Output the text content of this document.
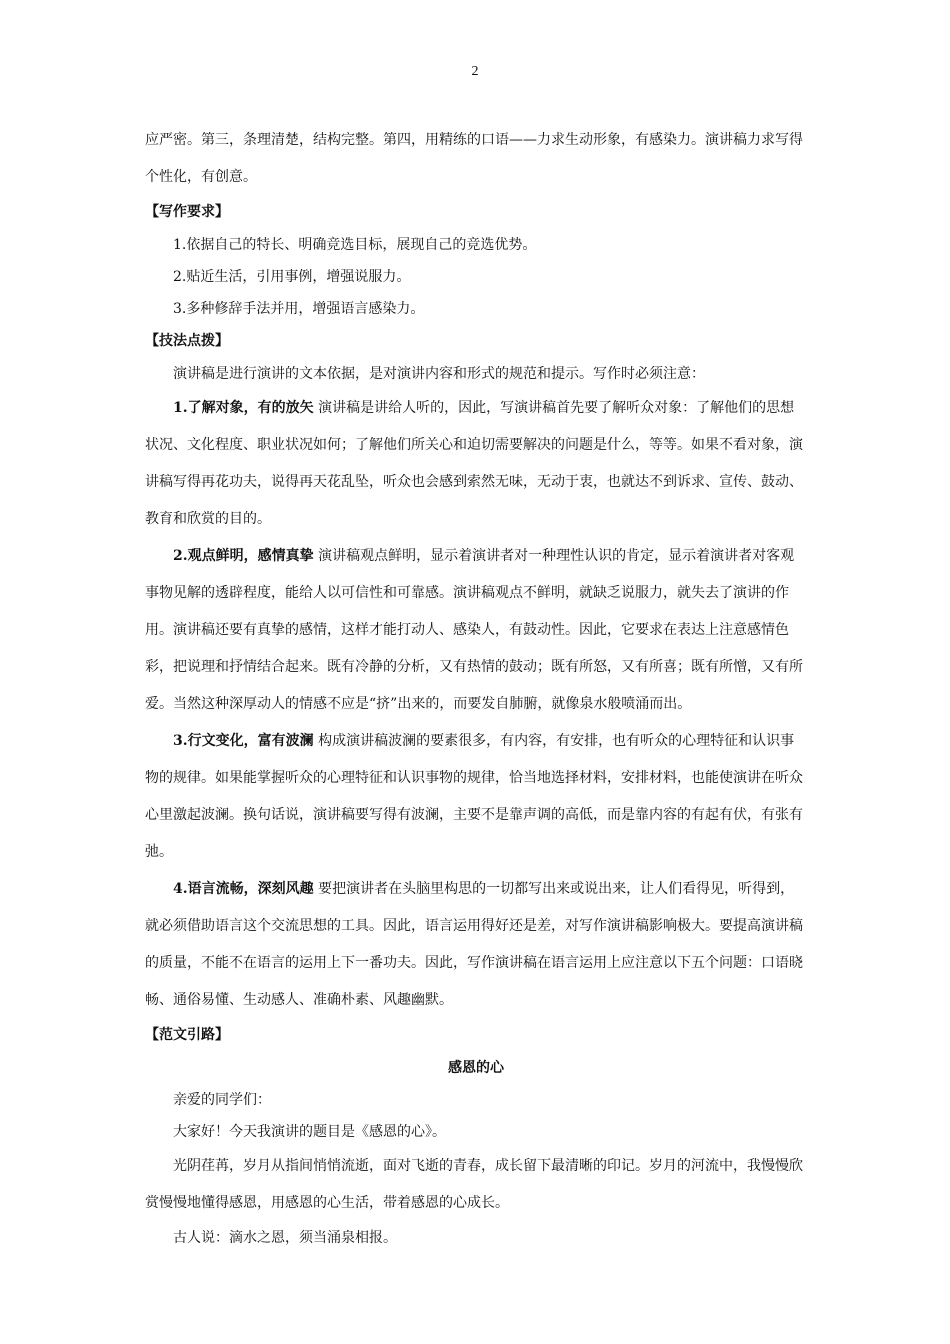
2

应严密。第三，条理清楚，结构完整。第四，用精练的口语——力求生动形象，有感染力。演讲稿力求写得个性化，有创意。

【写作要求】

1.依据自己的特长、明确竞选目标，展现自己的竞选优势。

2.贴近生活，引用事例，增强说服力。

3.多种修辞手法并用，增强语言感染力。

【技法点拨】

演讲稿是进行演讲的文本依据，是对演讲内容和形式的规范和提示。写作时必须注意：

1.了解对象，有的放矢 演讲稿是讲给人听的，因此，写演讲稿首先要了解听众对象：了解他们的思想状况、文化程度、职业状况如何；了解他们所关心和迫切需要解决的问题是什么，等等。如果不看对象，演讲稿写得再花功夫，说得再天花乱坠，听众也会感到索然无味，无动于衷，也就达不到诉求、宣传、鼓动、教育和欣赏的目的。

2.观点鲜明，感情真挚 演讲稿观点鲜明，显示着演讲者对一种理性认识的肯定，显示着演讲者对客观事物见解的透辟程度，能给人以可信性和可靠感。演讲稿观点不鲜明，就缺乏说服力，就失去了演讲的作用。演讲稿还要有真挚的感情，这样才能打动人、感染人，有鼓动性。因此，它要求在表达上注意感情色彩，把说理和抒情结合起来。既有冷静的分析，又有热情的鼓动；既有所怒，又有所喜；既有所憎，又有所爱。当然这种深厚动人的情感不应是“挤”出来的，而要发自肺腑，就像泉水般喷涌而出。

3.行文变化，富有波澜 构成演讲稿波澜的要素很多，有内容，有安排，也有听众的心理特征和认识事物的规律。如果能掌握听众的心理特征和认识事物的规律，恰当地选择材料，安排材料，也能使演讲在听众心里激起波澜。换句话说，演讲稿要写得有波澜，主要不是靠声调的高低，而是靠内容的有起有伏，有张有弛。

4.语言流畅，深刻风趣 要把演讲者在头脑里构思的一切都写出来或说出来，让人们看得见，听得到，就必须借助语言这个交流思想的工具。因此，语言运用得好还是差，对写作演讲稿影响极大。要提高演讲稿的质量，不能不在语言的运用上下一番功夫。因此，写作演讲稿在语言运用上应注意以下五个问题：口语晓畅、通俗易懂、生动感人、准确朴素、风趣幽默。

【范文引路】
感恩的心

亲爱的同学们：

大家好！今天我演讲的题目是《感恩的心》。

光阴荏苒，岁月从指间悄悄流逝，面对飞逝的青春，成长留下最清晰的印记。岁月的河流中，我慢慢欣赏慢慢地懂得感恩，用感恩的心生活，带着感恩的心成长。

古人说：滴水之恩，须当涌泉相报。
